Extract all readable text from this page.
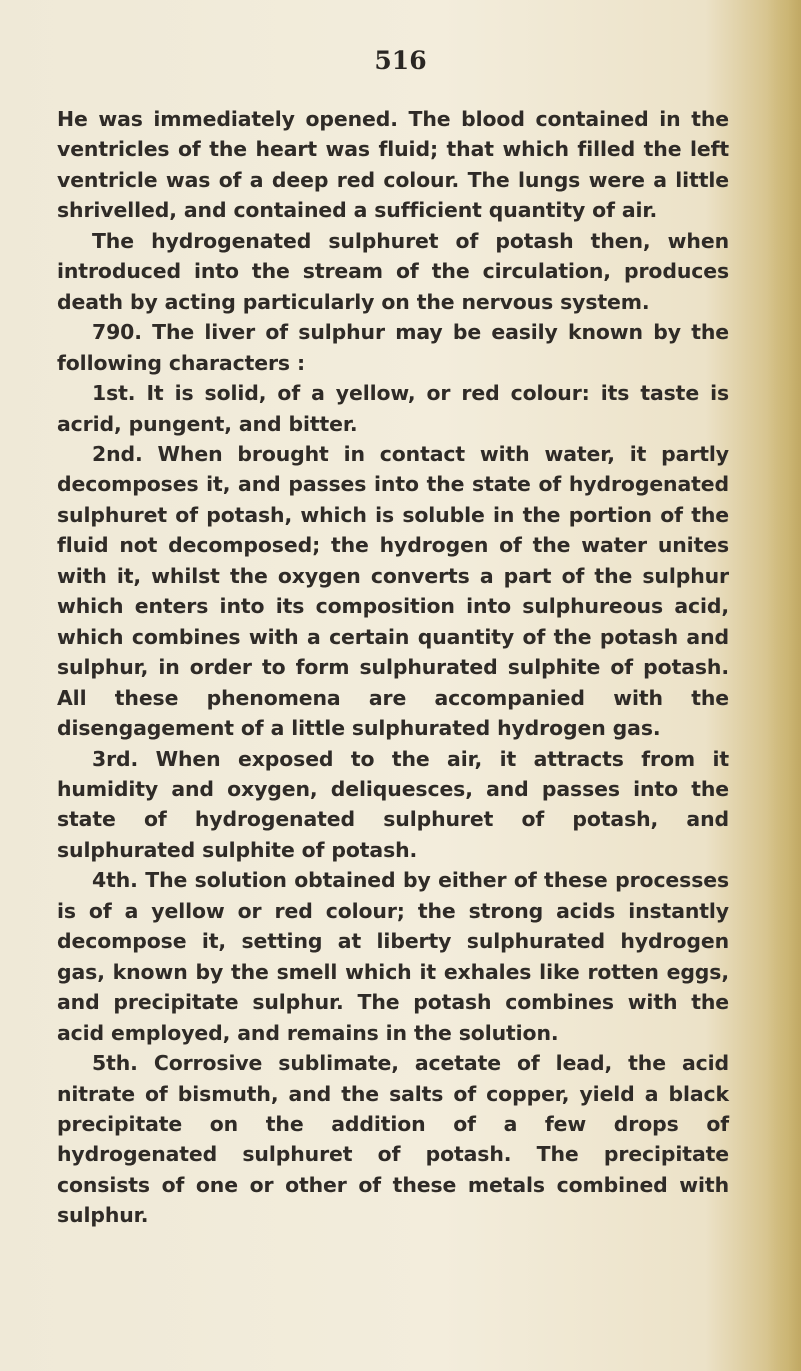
516

He was immediately opened. The blood contained in the ventricles of the heart was fluid; that which filled the left ventricle was of a deep red colour. The lungs were a little shrivelled, and contained a sufficient quantity of air.

The hydrogenated sulphuret of potash then, when introduced into the stream of the circulation, produces death by acting particularly on the nervous system.

790. The liver of sulphur may be easily known by the following characters :

1st. It is solid, of a yellow, or red colour: its taste is acrid, pungent, and bitter.

2nd. When brought in contact with water, it partly decomposes it, and passes into the state of hydrogenated sulphuret of potash, which is soluble in the portion of the fluid not decomposed; the hydrogen of the water unites with it, whilst the oxygen converts a part of the sulphur which enters into its composition into sulphureous acid, which combines with a certain quantity of the potash and sulphur, in order to form sulphurated sulphite of potash. All these phenomena are accompanied with the disengagement of a little sulphurated hydrogen gas.

3rd. When exposed to the air, it attracts from it humidity and oxygen, deliquesces, and passes into the state of hydrogenated sulphuret of potash, and sulphurated sulphite of potash.

4th. The solution obtained by either of these processes is of a yellow or red colour; the strong acids instantly decompose it, setting at liberty sulphurated hydrogen gas, known by the smell which it exhales like rotten eggs, and precipitate sulphur. The potash combines with the acid employed, and remains in the solution.

5th. Corrosive sublimate, acetate of lead, the acid nitrate of bismuth, and the salts of copper, yield a black precipitate on the addition of a few drops of hydrogenated sulphuret of potash. The precipitate consists of one or other of these metals combined with sulphur.
